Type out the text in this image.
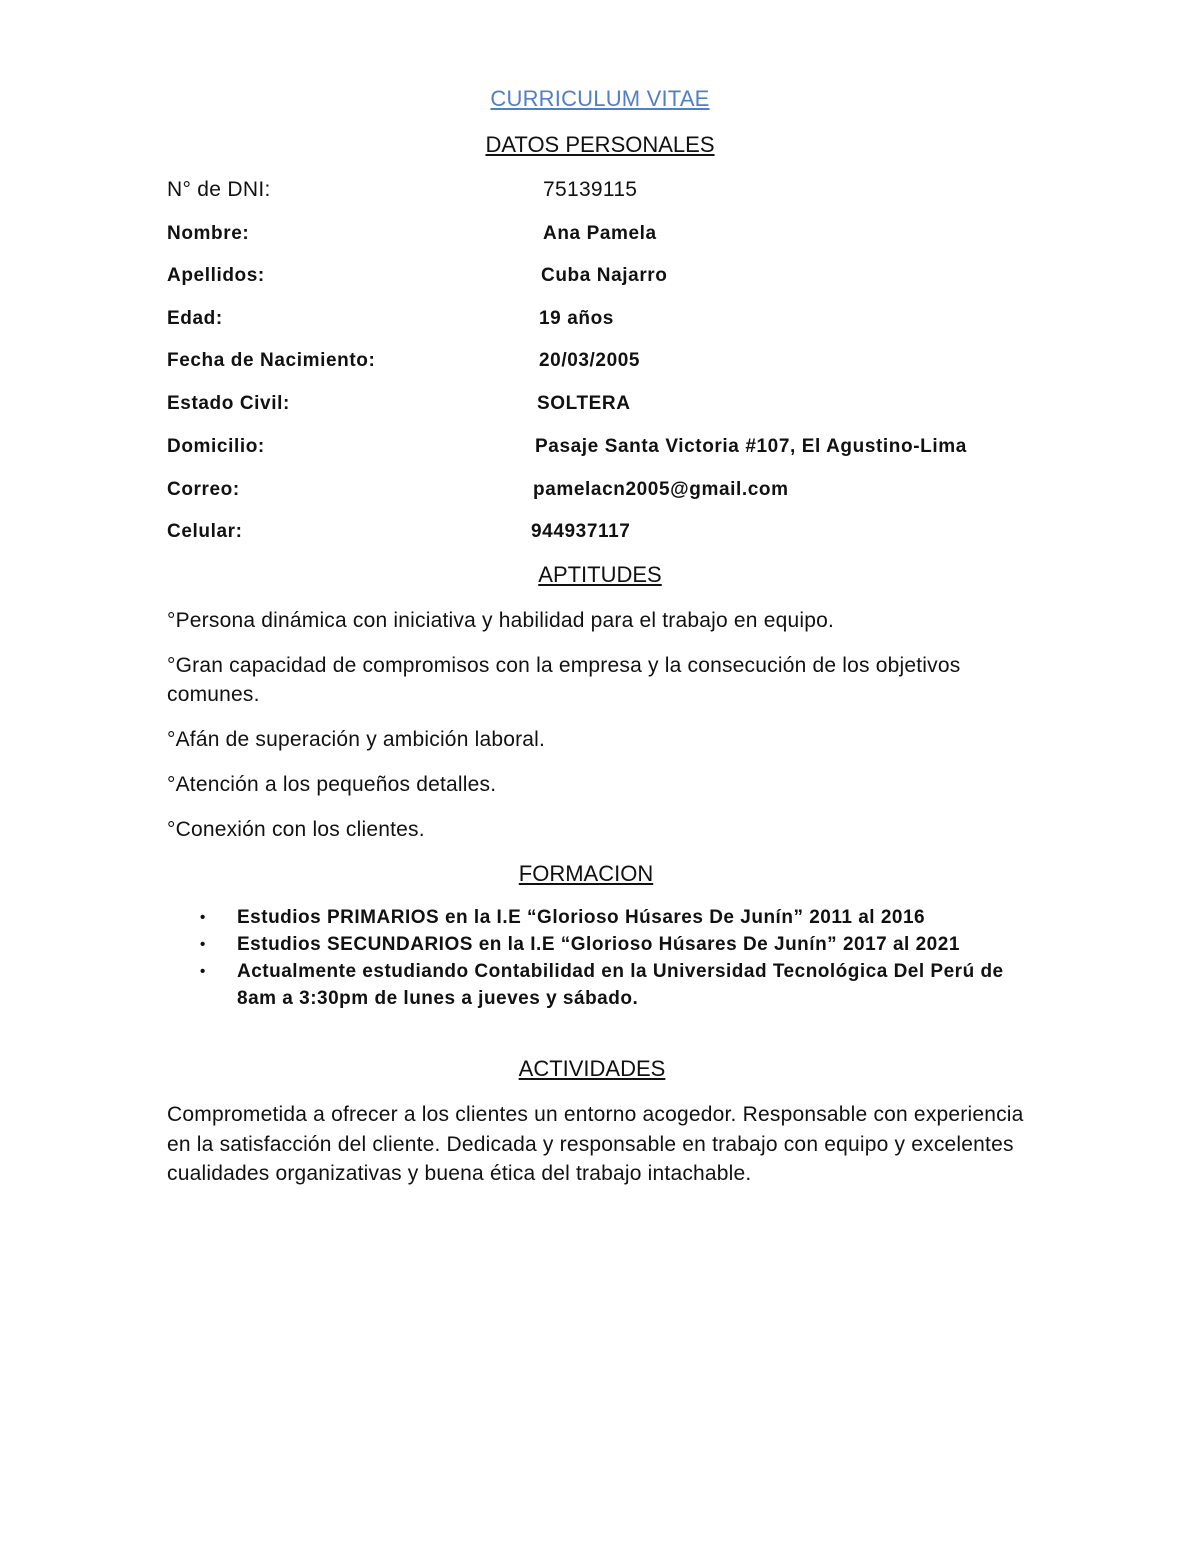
CURRICULUM VITAE
DATOS PERSONALES
N° de DNI:	75139115
Nombre:	Ana Pamela
Apellidos:	Cuba Najarro
Edad:	19 años
Fecha de Nacimiento:	20/03/2005
Estado Civil:	SOLTERA
Domicilio:	Pasaje Santa Victoria #107, El Agustino-Lima
Correo:	pamelacn2005@gmail.com
Celular:	944937117
APTITUDES
°Persona dinámica con iniciativa y habilidad para el trabajo en equipo.
°Gran capacidad de compromisos con la empresa y la consecución de los objetivos comunes.
°Afán de superación y ambición laboral.
°Atención a los pequeños detalles.
°Conexión con los clientes.
FORMACION
• Estudios PRIMARIOS en la I.E “Glorioso Húsares De Junín” 2011 al 2016
• Estudios SECUNDARIOS en la I.E “Glorioso Húsares De Junín” 2017 al 2021
• Actualmente estudiando Contabilidad en la Universidad Tecnológica Del Perú de 8am a 3:30pm de lunes a jueves y sábado.
ACTIVIDADES
Comprometida a ofrecer a los clientes un entorno acogedor. Responsable con experiencia en la satisfacción del cliente. Dedicada y responsable en trabajo con equipo y excelentes cualidades organizativas y buena ética del trabajo intachable.
